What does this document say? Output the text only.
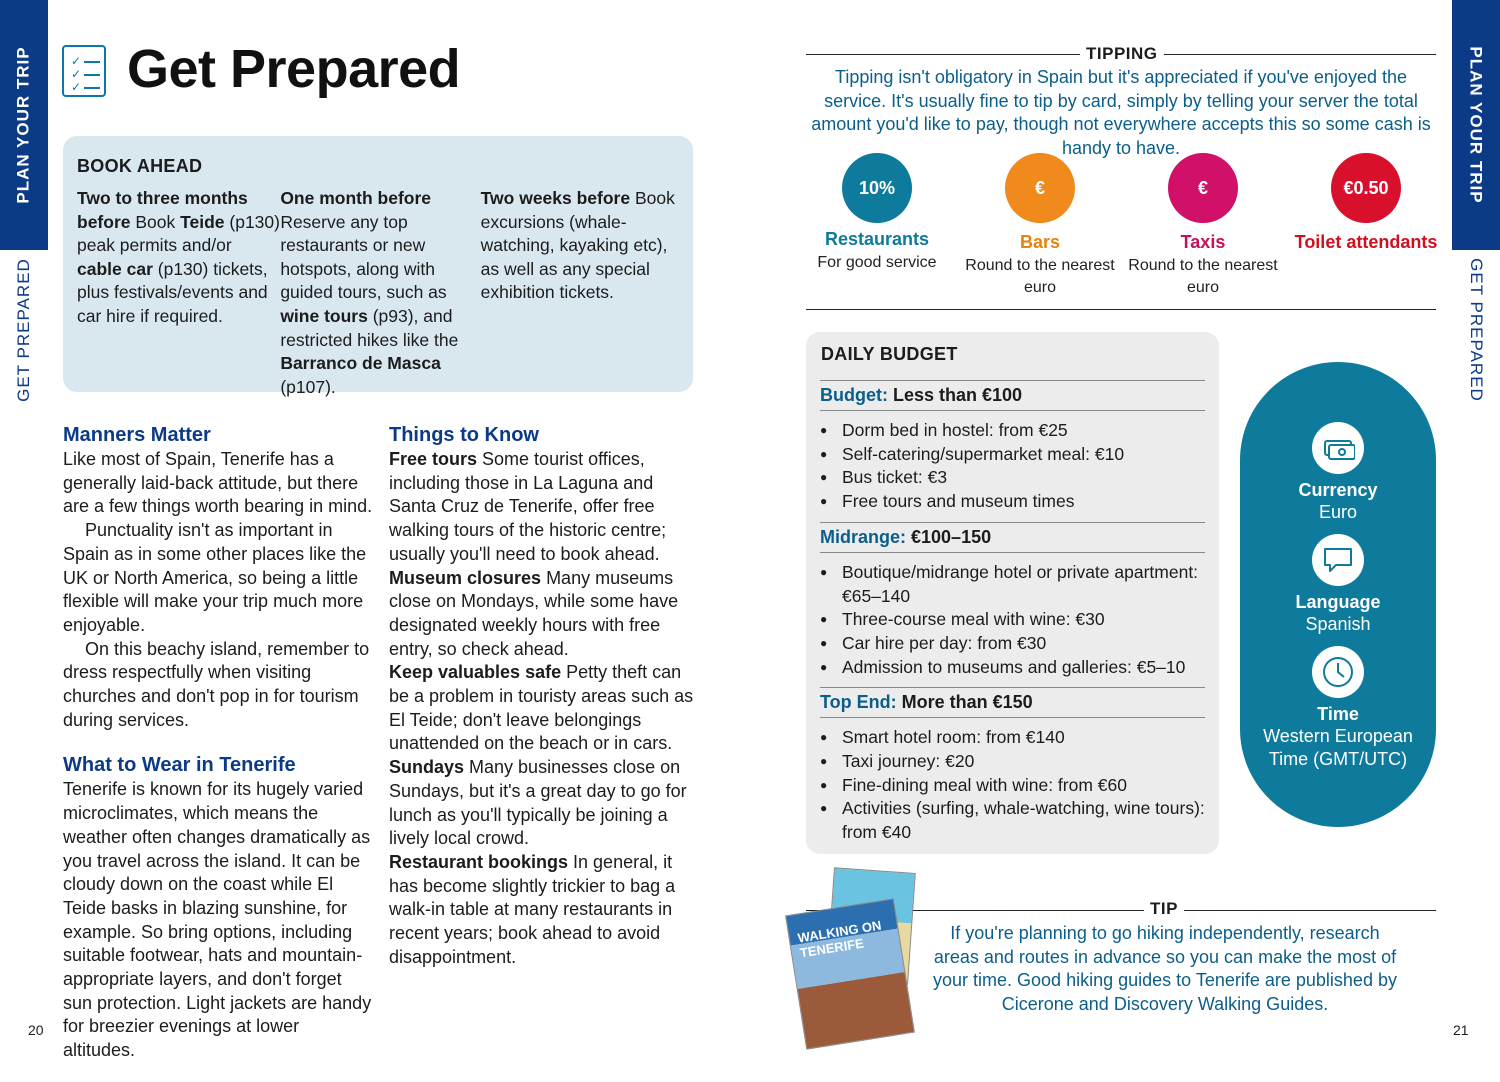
PLAN YOUR TRIP
GET PREPARED
PLAN YOUR TRIP
GET PREPARED
20	21
✓
✓
✓ Get Prepared
BOOK AHEAD
Two to three months before Book Teide (p130) peak permits and/or cable car (p130) tickets, plus festivals/events and car hire if required.
One month before Reserve any top restaurants or new hotspots, along with guided tours, such as wine tours (p93), and restricted hikes like the Barranco de Masca (p107).
Two weeks before Book excursions (whale-watching, kayaking etc), as well as any special exhibition tickets.
Manners Matter

Like most of Spain, Tenerife has a generally laid-back attitude, but there are a few things worth bearing in mind.

Punctuality isn't as important in Spain as in some other places like the UK or North America, so being a little flexible will make your trip much more enjoyable.

On this beachy island, remember to dress respectfully when visiting churches and don't pop in for tourism during services.

What to Wear in Tenerife

Tenerife is known for its hugely varied microclimates, which means the weather often changes dramatically as you travel across the island. It can be cloudy down on the coast while El Teide basks in blazing sunshine, for example. So bring options, including suitable footwear, hats and mountain-appropriate layers, and don't forget sun protection. Light jackets are handy for breezier evenings at lower altitudes.

Things to Know

Free tours Some tourist offices, including those in La Laguna and Santa Cruz de Tenerife, offer free walking tours of the historic centre; usually you'll need to book ahead.

Museum closures Many museums close on Mondays, while some have designated weekly hours with free entry, so check ahead.

Keep valuables safe Petty theft can be a problem in touristy areas such as El Teide; don't leave belongings unattended on the beach or in cars.

Sundays Many businesses close on Sundays, but it's a great day to go for lunch as you'll typically be joining a lively local crowd.

Restaurant bookings In general, it has become slightly trickier to bag a walk-in table at many restaurants in recent years; book ahead to avoid disappointment.

TIPPING
Tipping isn't obligatory in Spain but it's appreciated if you've enjoyed the service. It's usually fine to tip by card, simply by telling your server the total amount you'd like to pay, though not everywhere accepts this so some cash is handy to have.
10%
Restaurants
For good service
€
Bars
Round to the nearest euro
€
Taxis
Round to the nearest euro
€0.50
Toilet attendants
DAILY BUDGET
Budget: Less than €100
● Dorm bed in hostel: from €25
● Self-catering/supermarket meal: €10
● Bus ticket: €3
● Free tours and museum times
Midrange: €100–150
● Boutique/midrange hotel or private apartment: €65–140
● Three-course meal with wine: €30
● Car hire per day: from €30
● Admission to museums and galleries: €5–10
Top End: More than €150
● Smart hotel room: from €140
● Taxi journey: €20
● Fine-dining meal with wine: from €60
● Activities (surfing, whale-watching, wine tours): from €40
Currency
Euro
Language
Spanish
Time
Western European Time (GMT/UTC)
TIP
If you're planning to go hiking independently, research areas and routes in advance so you can make the most of your time. Good hiking guides to Tenerife are published by Cicerone and Discovery Walking Guides.
WALKING ON TENERIFE
